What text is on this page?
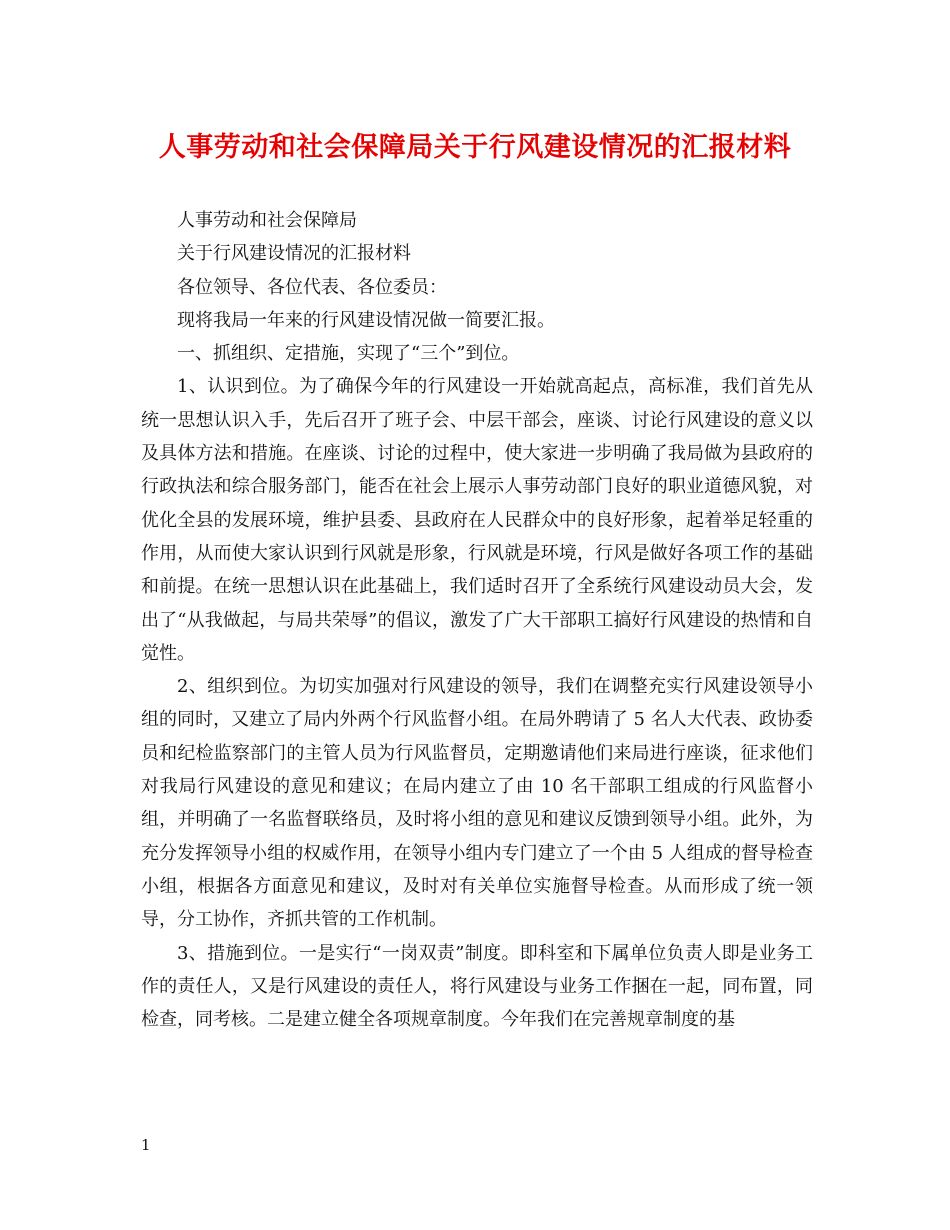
人事劳动和社会保障局关于行风建设情况的汇报材料

人事劳动和社会保障局

关于行风建设情况的汇报材料

各位领导、各位代表、各位委员：

现将我局一年来的行风建设情况做一简要汇报。

一、抓组织、定措施，实现了“三个”到位。

1、认识到位。为了确保今年的行风建设一开始就高起点，高标准，我们首先从统一思想认识入手，先后召开了班子会、中层干部会，座谈、讨论行风建设的意义以及具体方法和措施。在座谈、讨论的过程中，使大家进一步明确了我局做为县政府的行政执法和综合服务部门，能否在社会上展示人事劳动部门良好的职业道德风貌，对优化全县的发展环境，维护县委、县政府在人民群众中的良好形象，起着举足轻重的作用，从而使大家认识到行风就是形象，行风就是环境，行风是做好各项工作的基础和前提。在统一思想认识在此基础上，我们适时召开了全系统行风建设动员大会，发出了“从我做起，与局共荣辱”的倡议，激发了广大干部职工搞好行风建设的热情和自觉性。

2、组织到位。为切实加强对行风建设的领导，我们在调整充实行风建设领导小组的同时，又建立了局内外两个行风监督小组。在局外聘请了 5 名人大代表、政协委员和纪检监察部门的主管人员为行风监督员，定期邀请他们来局进行座谈，征求他们对我局行风建设的意见和建议；在局内建立了由 10 名干部职工组成的行风监督小组，并明确了一名监督联络员，及时将小组的意见和建议反馈到领导小组。此外，为充分发挥领导小组的权威作用，在领导小组内专门建立了一个由 5 人组成的督导检查小组，根据各方面意见和建议，及时对有关单位实施督导检查。从而形成了统一领导，分工协作，齐抓共管的工作机制。

3、措施到位。一是实行“一岗双责”制度。即科室和下属单位负责人即是业务工作的责任人，又是行风建设的责任人，将行风建设与业务工作捆在一起，同布置，同检查，同考核。二是建立健全各项规章制度。今年我们在完善规章制度的基

1
